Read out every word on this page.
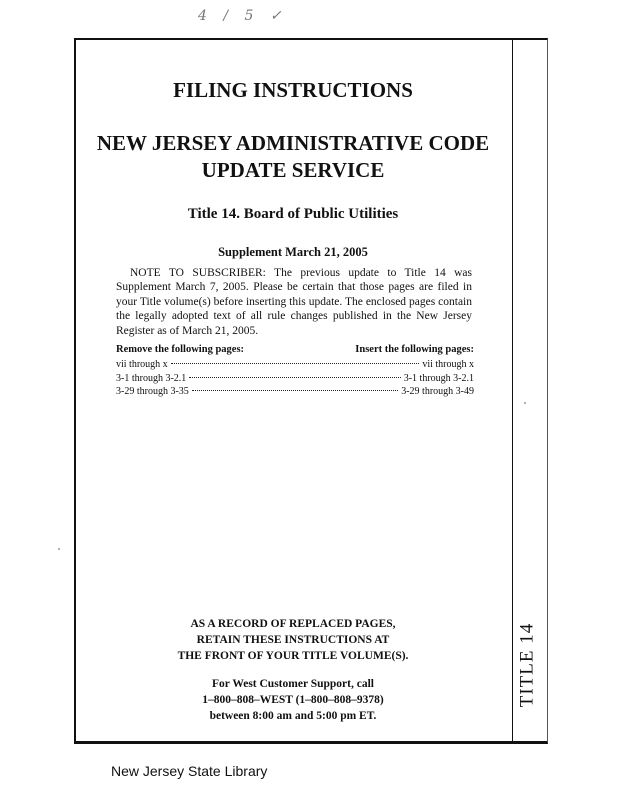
4 / 5 ✓
TITLE 14
FILING INSTRUCTIONS
NEW JERSEY ADMINISTRATIVE CODE
UPDATE SERVICE
Title 14. Board of Public Utilities
Supplement March 21, 2005

NOTE TO SUBSCRIBER: The previous update to Title 14 was Supplement March 7, 2005. Please be certain that those pages are filed in your Title volume(s) before inserting this update. The enclosed pages contain the legally adopted text of all rule changes published in the New Jersey Register as of March 21, 2005.

Remove the following pages:	Insert the following pages:
vii through x	vii through x
3-1 through 3-2.1	3-1 through 3-2.1
3-29 through 3-35	3-29 through 3-49
AS A RECORD OF REPLACED PAGES,
RETAIN THESE INSTRUCTIONS AT
THE FRONT OF YOUR TITLE VOLUME(S).
For West Customer Support, call
1–800–808–WEST (1–800–808–9378)
between 8:00 am and 5:00 pm ET.
New Jersey State Library
